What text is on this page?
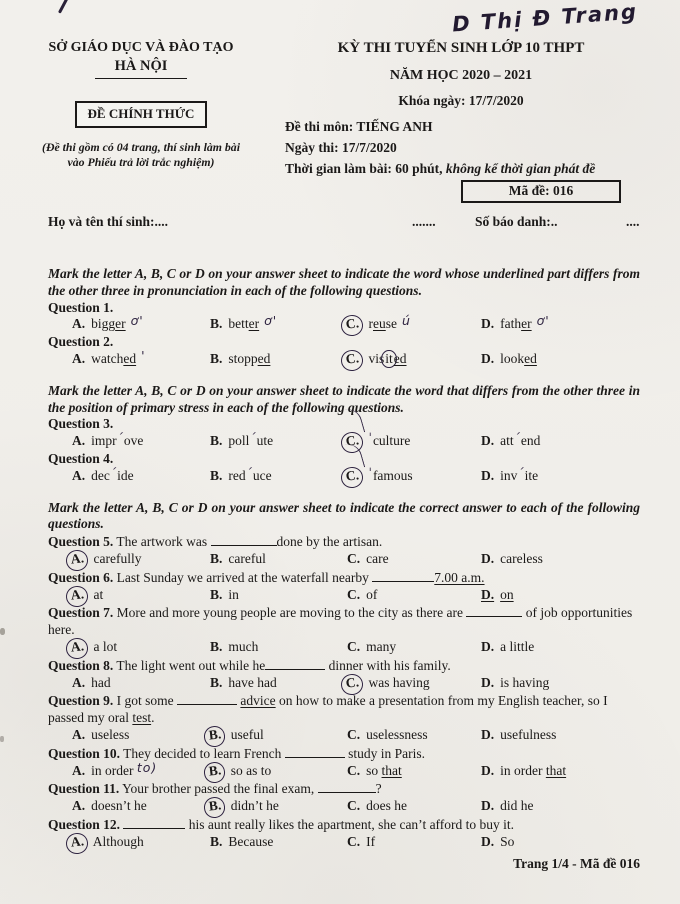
D Thị Đ Trang
SỞ GIÁO DỤC VÀ ĐÀO TẠO
HÀ NỘI
ĐỀ CHÍNH THỨC
(Đề thi gồm có 04 trang, thí sinh làm bài
vào Phiếu trả lời trắc nghiệm)
KỲ THI TUYỂN SINH LỚP 10 THPT
NĂM HỌC 2020 – 2021
Khóa ngày: 17/7/2020
Đề thi môn: TIẾNG ANH
Ngày thi: 17/7/2020
Thời gian làm bài: 60 phút, không kể thời gian phát đề
Mã đề: 016
Họ và tên thí sinh:....	.......	Số báo danh:..	....

Mark the letter A, B, C or D on your answer sheet to indicate the word whose underlined part differs from the other three in pronunciation in each of the following questions.

Question 1.
A. bigger ơ'	B. better ơ'	C. reuse ú	D. father ơ'
Question 2.
A. watched '	B. stopped	C. visited	D. looked

Mark the letter A, B, C or D on your answer sheet to indicate the word that differs from the other three in the position of primary stress in each of the following questions.

Question 3.
A. imprˊove	B. pollˊute	C. ˈculture	D. attˊend
Question 4.
A. decˊide	B. redˊuce	C. ˈfamous	D. invˊite

Mark the letter A, B, C or D on your answer sheet to indicate the correct answer to each of the following questions.

Question 5. The artwork was	done by the artisan.
A. carefully	B. careful	C. care	D. careless
Question 6. Last Sunday we arrived at the waterfall nearby	7.00 a.m.
A. at	B. in	C. of	D. on
Question 7. More and more young people are moving to the city as there are	of job opportunities here.
A. a lot	B. much	C. many	D. a little
Question 8. The light went out while he	dinner with his family.
A. had	B. have had	C. was having	D. is having
Question 9. I got some	advice on how to make a presentation from my English teacher, so I passed my oral test.
A. useless	B. useful	C. uselessness	D. usefulness
Question 10. They decided to learn French	study in Paris.
A. in order to)	B. so as to	C. so that	D. in order that
Question 11. Your brother passed the final exam,	?
A. doesn’t he	B. didn’t he	C. does he	D. did he
Question 12.	his aunt really likes the apartment, she can’t afford to buy it.
A. Although	B. Because	C. If	D. So
Trang 1/4 - Mã đề 016
